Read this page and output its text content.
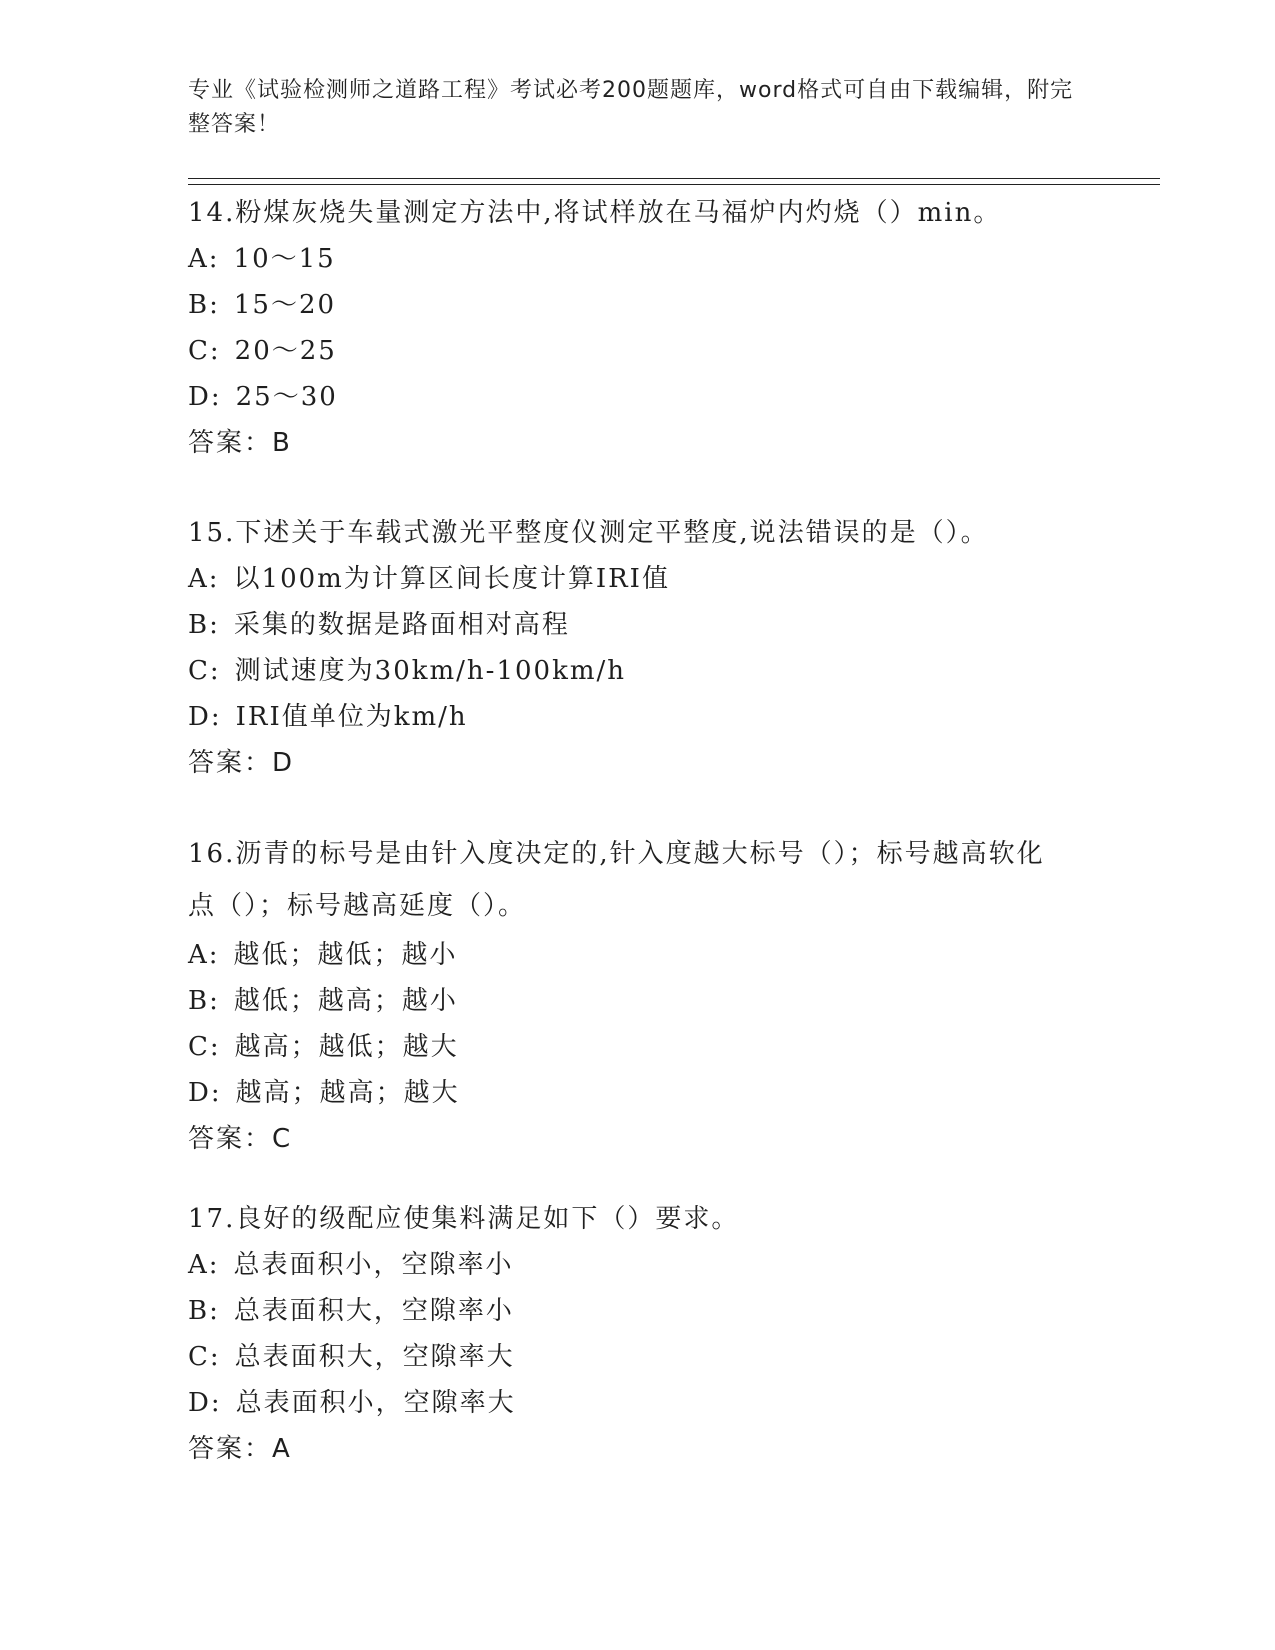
专业《试验检测师之道路工程》考试必考200题题库，word格式可自由下载编辑，附完整答案！
14.粉煤灰烧失量测定方法中,将试样放在马福炉内灼烧（）min。
A: 10～15
B: 15～20
C: 20～25
D: 25～30
答案：B
15.下述关于车载式激光平整度仪测定平整度,说法错误的是（）。
A: 以100m为计算区间长度计算IRI值
B: 采集的数据是路面相对高程
C: 测试速度为30km/h-100km/h
D: IRI值单位为km/h
答案：D
16.沥青的标号是由针入度决定的,针入度越大标号（）；标号越高软化点（）；标号越高延度（）。
A: 越低；越低；越小
B: 越低；越高；越小
C: 越高；越低；越大
D: 越高；越高；越大
答案：C
17.良好的级配应使集料满足如下（）要求。
A: 总表面积小，空隙率小
B: 总表面积大，空隙率小
C: 总表面积大，空隙率大
D: 总表面积小，空隙率大
答案：A
